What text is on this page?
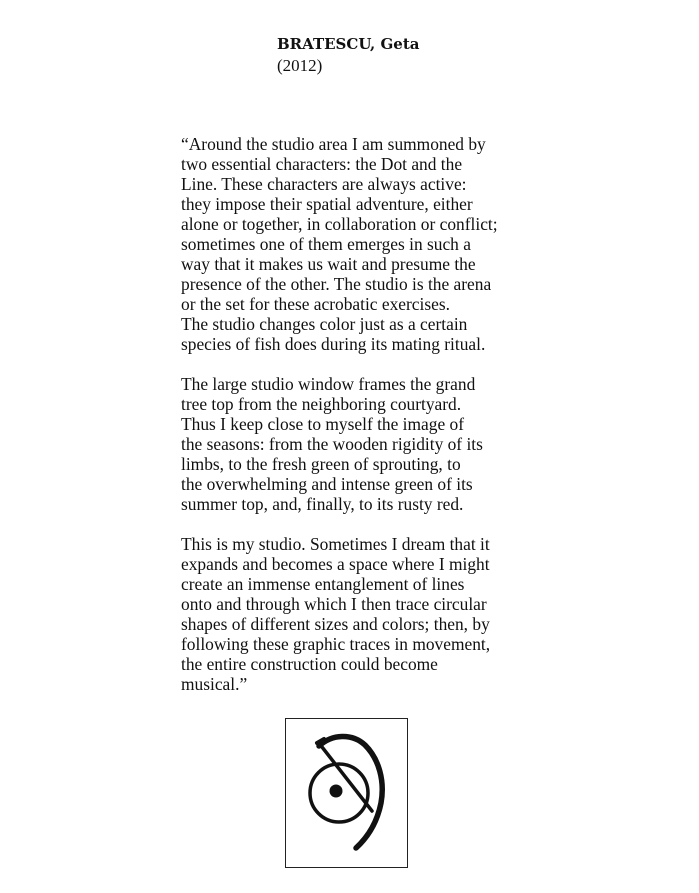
BRATESCU, Geta
(2012)
“Around the studio area I am summoned by
two essential characters: the Dot and the
Line. These characters are always active:
they impose their spatial adventure, either
alone or together, in collaboration or conflict;
sometimes one of them emerges in such a
way that it makes us wait and presume the
presence of the other. The studio is the arena
or the set for these acrobatic exercises.
The studio changes color just as a certain
species of fish does during its mating ritual.
The large studio window frames the grand
tree top from the neighboring courtyard.
Thus I keep close to myself the image of
the seasons: from the wooden rigidity of its
limbs, to the fresh green of sprouting, to
the overwhelming and intense green of its
summer top, and, finally, to its rusty red.
This is my studio. Sometimes I dream that it
expands and becomes a space where I might
create an immense entanglement of lines
onto and through which I then trace circular
shapes of different sizes and colors; then, by
following these graphic traces in movement,
the entire construction could become
musical.”
